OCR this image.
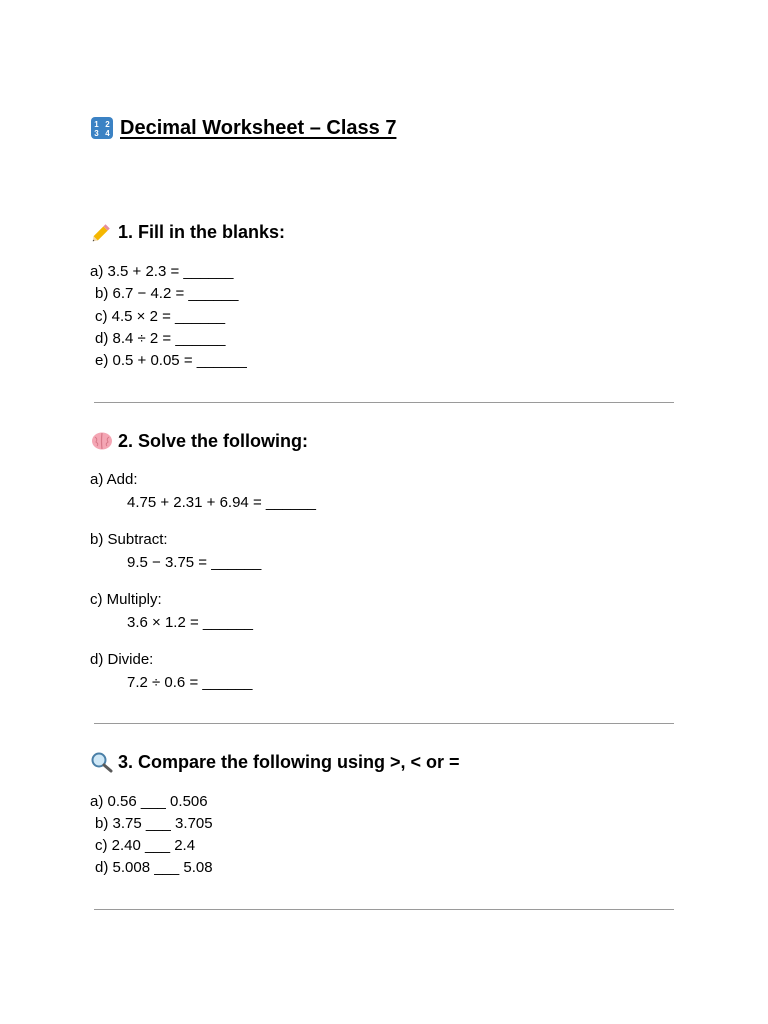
1 2
3 4 Decimal Worksheet – Class 7
1. Fill in the blanks:
a) 3.5 + 2.3 = ______
b) 6.7 − 4.2 = ______
c) 4.5 × 2 = ______
d) 8.4 ÷ 2 = ______
e) 0.5 + 0.05 = ______
2. Solve the following:
a) Add:
4.75 + 2.31 + 6.94 = ______
b) Subtract:
9.5 − 3.75 = ______
c) Multiply:
3.6 × 1.2 = ______
d) Divide:
7.2 ÷ 0.6 = ______
3. Compare the following using >, < or =
a) 0.56 ___ 0.506
b) 3.75 ___ 3.705
c) 2.40 ___ 2.4
d) 5.008 ___ 5.08
